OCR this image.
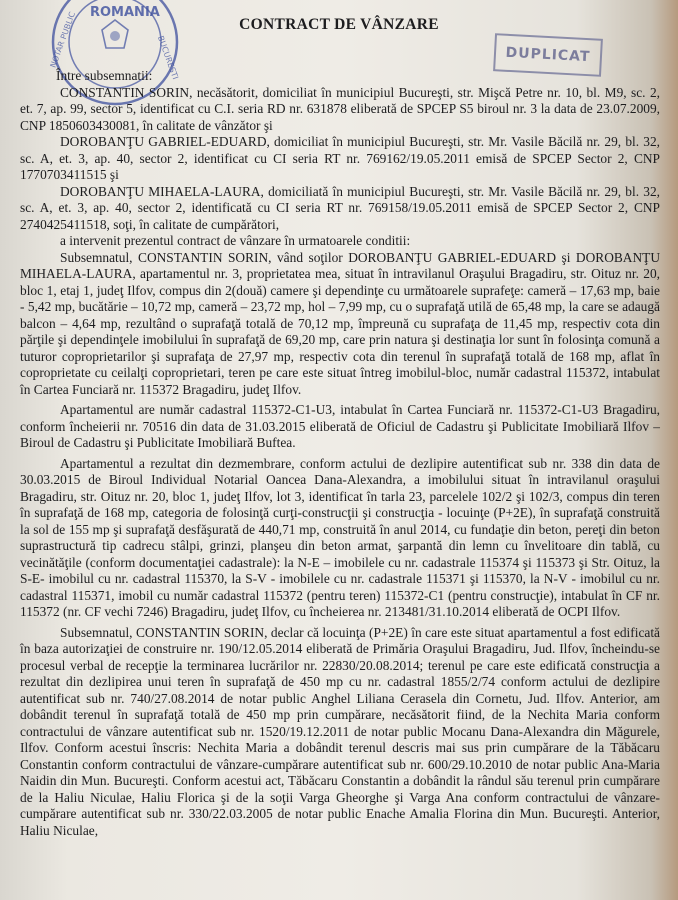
ROMANIA
NOTAR PUBLIC	BUCURESTI	DUPLICAT
CONTRACT DE VÂNZARE

Între subsemnatii:

CONSTANTIN SORIN, necăsătorit, domiciliat în municipiul Bucureşti, str. Mişcă Petre nr. 10, bl. M9, sc. 2, et. 7, ap. 99, sector 5, identificat cu C.I. seria RD nr. 631878 eliberată de SPCEP S5 biroul nr. 3 la data de 23.07.2009, CNP 1850603430081, în calitate de vânzător şi

DOROBANŢU GABRIEL-EDUARD, domiciliat în municipiul Bucureşti, str. Mr. Vasile Băcilă nr. 29, bl. 32, sc. A, et. 3, ap. 40, sector 2, identificat cu CI seria RT nr. 769162/19.05.2011 emisă de SPCEP Sector 2, CNP 1770703411515 şi

DOROBANŢU MIHAELA-LAURA, domiciliată în municipiul Bucureşti, str. Mr. Vasile Băcilă nr. 29, bl. 32, sc. A, et. 3, ap. 40, sector 2, identificată cu CI seria RT nr. 769158/19.05.2011 emisă de SPCEP Sector 2, CNP 2740425411518, soţi, în calitate de cumpărători,

a intervenit prezentul contract de vânzare în urmatoarele conditii:

Subsemnatul, CONSTANTIN SORIN, vând soţilor DOROBANŢU GABRIEL-EDUARD şi DOROBANŢU MIHAELA-LAURA, apartamentul nr. 3, proprietatea mea, situat în intravilanul Oraşului Bragadiru, str. Oituz nr. 20, bloc 1, etaj 1, judeţ Ilfov, compus din 2(două) camere şi dependinţe cu următoarele suprafeţe: cameră – 17,63 mp, baie - 5,42 mp, bucătărie – 10,72 mp, cameră – 23,72 mp, hol – 7,99 mp, cu o suprafaţă utilă de 65,48 mp, la care se adaugă balcon – 4,64 mp, rezultând o suprafaţă totală de 70,12 mp, împreună cu suprafaţa de 11,45 mp, respectiv cota din părţile şi dependinţele imobilului în suprafaţă de 69,20 mp, care prin natura şi destinaţia lor sunt în folosinţa comună a tuturor coproprietarilor şi suprafaţa de 27,97 mp, respectiv cota din terenul în suprafaţă totală de 168 mp, aflat în coproprietate cu ceilalţi coproprietari, teren pe care este situat întreg imobilul-bloc, număr cadastral 115372, intabulat în Cartea Funciară nr. 115372 Bragadiru, judeţ Ilfov.

Apartamentul are număr cadastral 115372-C1-U3, intabulat în Cartea Funciară nr. 115372-C1-U3 Bragadiru, conform încheierii nr. 70516 din data de 31.03.2015 eliberată de Oficiul de Cadastru şi Publicitate Imobiliară Ilfov – Biroul de Cadastru şi Publicitate Imobiliară Buftea.

Apartamentul a rezultat din dezmembrare, conform actului de dezlipire autentificat sub nr. 338 din data de 30.03.2015 de Biroul Individual Notarial Oancea Dana-Alexandra, a imobilului situat în intravilanul oraşului Bragadiru, str. Oituz nr. 20, bloc 1, judeţ Ilfov, lot 3, identificat în tarla 23, parcelele 102/2 şi 102/3, compus din teren în suprafaţă de 168 mp, categoria de folosinţă curţi-construcţii şi construcţia - locuinţe (P+2E), în suprafaţă construită la sol de 155 mp şi suprafaţă desfăşurată de 440,71 mp, construită în anul 2014, cu fundaţie din beton, pereţi din beton suprastructură tip cadrecu stâlpi, grinzi, planşeu din beton armat, şarpantă din lemn cu învelitoare din tablă, cu vecinătăţile (conform documentaţiei cadastrale): la N-E – imobilele cu nr. cadastrale 115374 şi 115373 şi Str. Oituz, la S-E- imobilul cu nr. cadastral 115370, la S-V - imobilele cu nr. cadastrale 115371 şi 115370, la N-V - imobilul cu nr. cadastral 115371, imobil cu număr cadastral 115372 (pentru teren) 115372-C1 (pentru construcţie), intabulat în CF nr. 115372 (nr. CF vechi 7246) Bragadiru, judeţ Ilfov, cu încheierea nr. 213481/31.10.2014 eliberată de OCPI Ilfov.

Subsemnatul, CONSTANTIN SORIN, declar că locuinţa (P+2E) în care este situat apartamentul a fost edificată în baza autorizaţiei de construire nr. 190/12.05.2014 eliberată de Primăria Oraşului Bragadiru, Jud. Ilfov, încheindu-se procesul verbal de recepţie la terminarea lucrărilor nr. 22830/20.08.2014; terenul pe care este edificată construcţia a rezultat din dezlipirea unui teren în suprafaţă de 450 mp cu nr. cadastral 1855/2/74 conform actului de dezlipire autentificat sub nr. 740/27.08.2014 de notar public Anghel Liliana Cerasela din Cornetu, Jud. Ilfov. Anterior, am dobândit terenul în suprafaţă totală de 450 mp prin cumpărare, necăsătorit fiind, de la Nechita Maria conform contractului de vânzare autentificat sub nr. 1520/19.12.2011 de notar public Mocanu Dana-Alexandra din Măgurele, Ilfov. Conform acestui înscris: Nechita Maria a dobândit terenul descris mai sus prin cumpărare de la Tăbăcaru Constantin conform contractului de vânzare-cumpărare autentificat sub nr. 600/29.10.2010 de notar public Ana-Maria Naidin din Mun. Bucureşti. Conform acestui act, Tăbăcaru Constantin a dobândit la rândul său terenul prin cumpărare de la Haliu Niculae, Haliu Florica şi de la soţii Varga Gheorghe şi Varga Ana conform contractului de vânzare-cumpărare autentificat sub nr. 330/22.03.2005 de notar public Enache Amalia Florina din Mun. Bucureşti. Anterior, Haliu Niculae,
